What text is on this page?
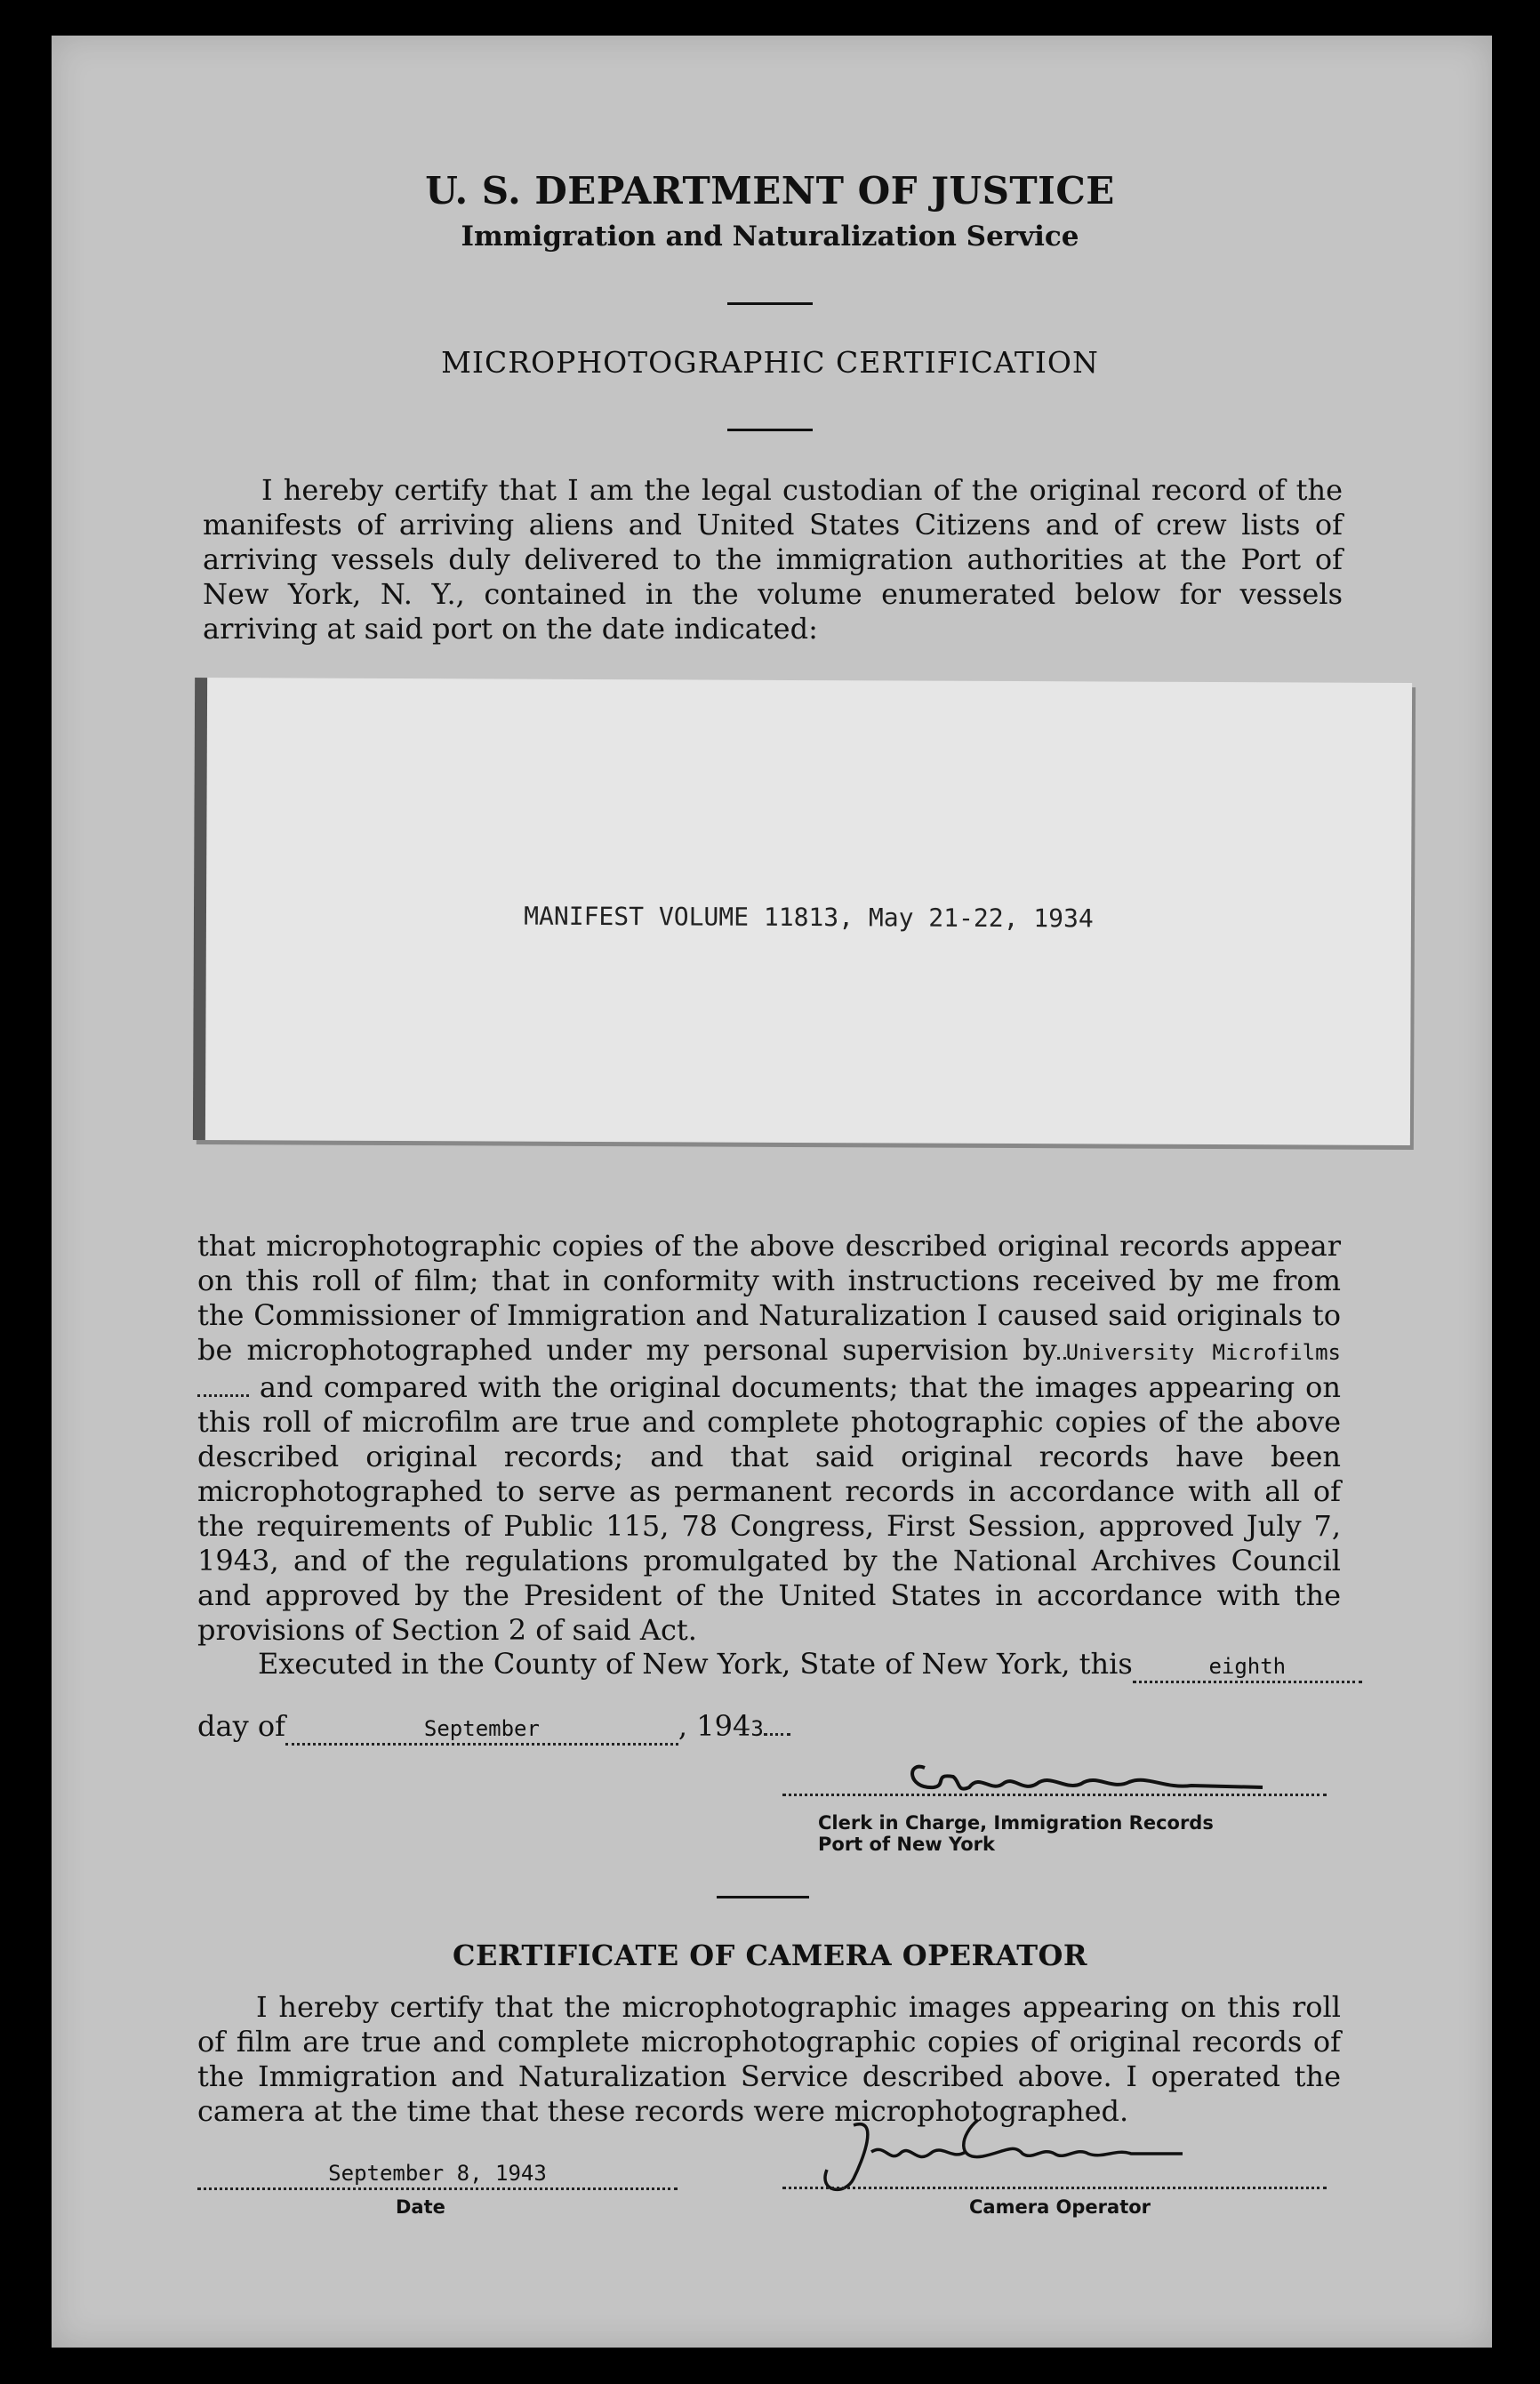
U. S. DEPARTMENT OF JUSTICE
Immigration and Naturalization Service
MICROPHOTOGRAPHIC CERTIFICATION

I hereby certify that I am the legal custodian of the original record of the manifests of arriving aliens and United States Citizens and of crew lists of arriving vessels duly delivered to the immigration authorities at the Port of New York, N. Y., contained in the volume enumerated below for vessels arriving at said port on the date indicated:

MANIFEST VOLUME 11813, May 21-22, 1934

that microphotographic copies of the above described original records appear on this roll of film; that in conformity with instructions received by me from the Commissioner of Immigration and Naturalization I caused said originals to be microphotographed under my personal supervision by University Microfilms and compared with the original documents; that the images appearing on this roll of microfilm are true and complete photographic copies of the above described original records; and that said original records have been microphotographed to serve as permanent records in accordance with all of the requirements of Public 115, 78 Congress, First Session, approved July 7, 1943, and of the regulations promulgated by the National Archives Council and approved by the President of the United States in accordance with the provisions of Section 2 of said Act.

Executed in the County of New York, State of New York, this	eighth
day of	September	, 1943
Clerk in Charge, Immigration Records
Port of New York
CERTIFICATE OF CAMERA OPERATOR

I hereby certify that the microphotographic images appearing on this roll of film are true and complete microphotographic copies of original records of the Immigration and Naturalization Service described above. I operated the camera at the time that these records were microphotographed.

September 8, 1943
Date	Camera Operator
